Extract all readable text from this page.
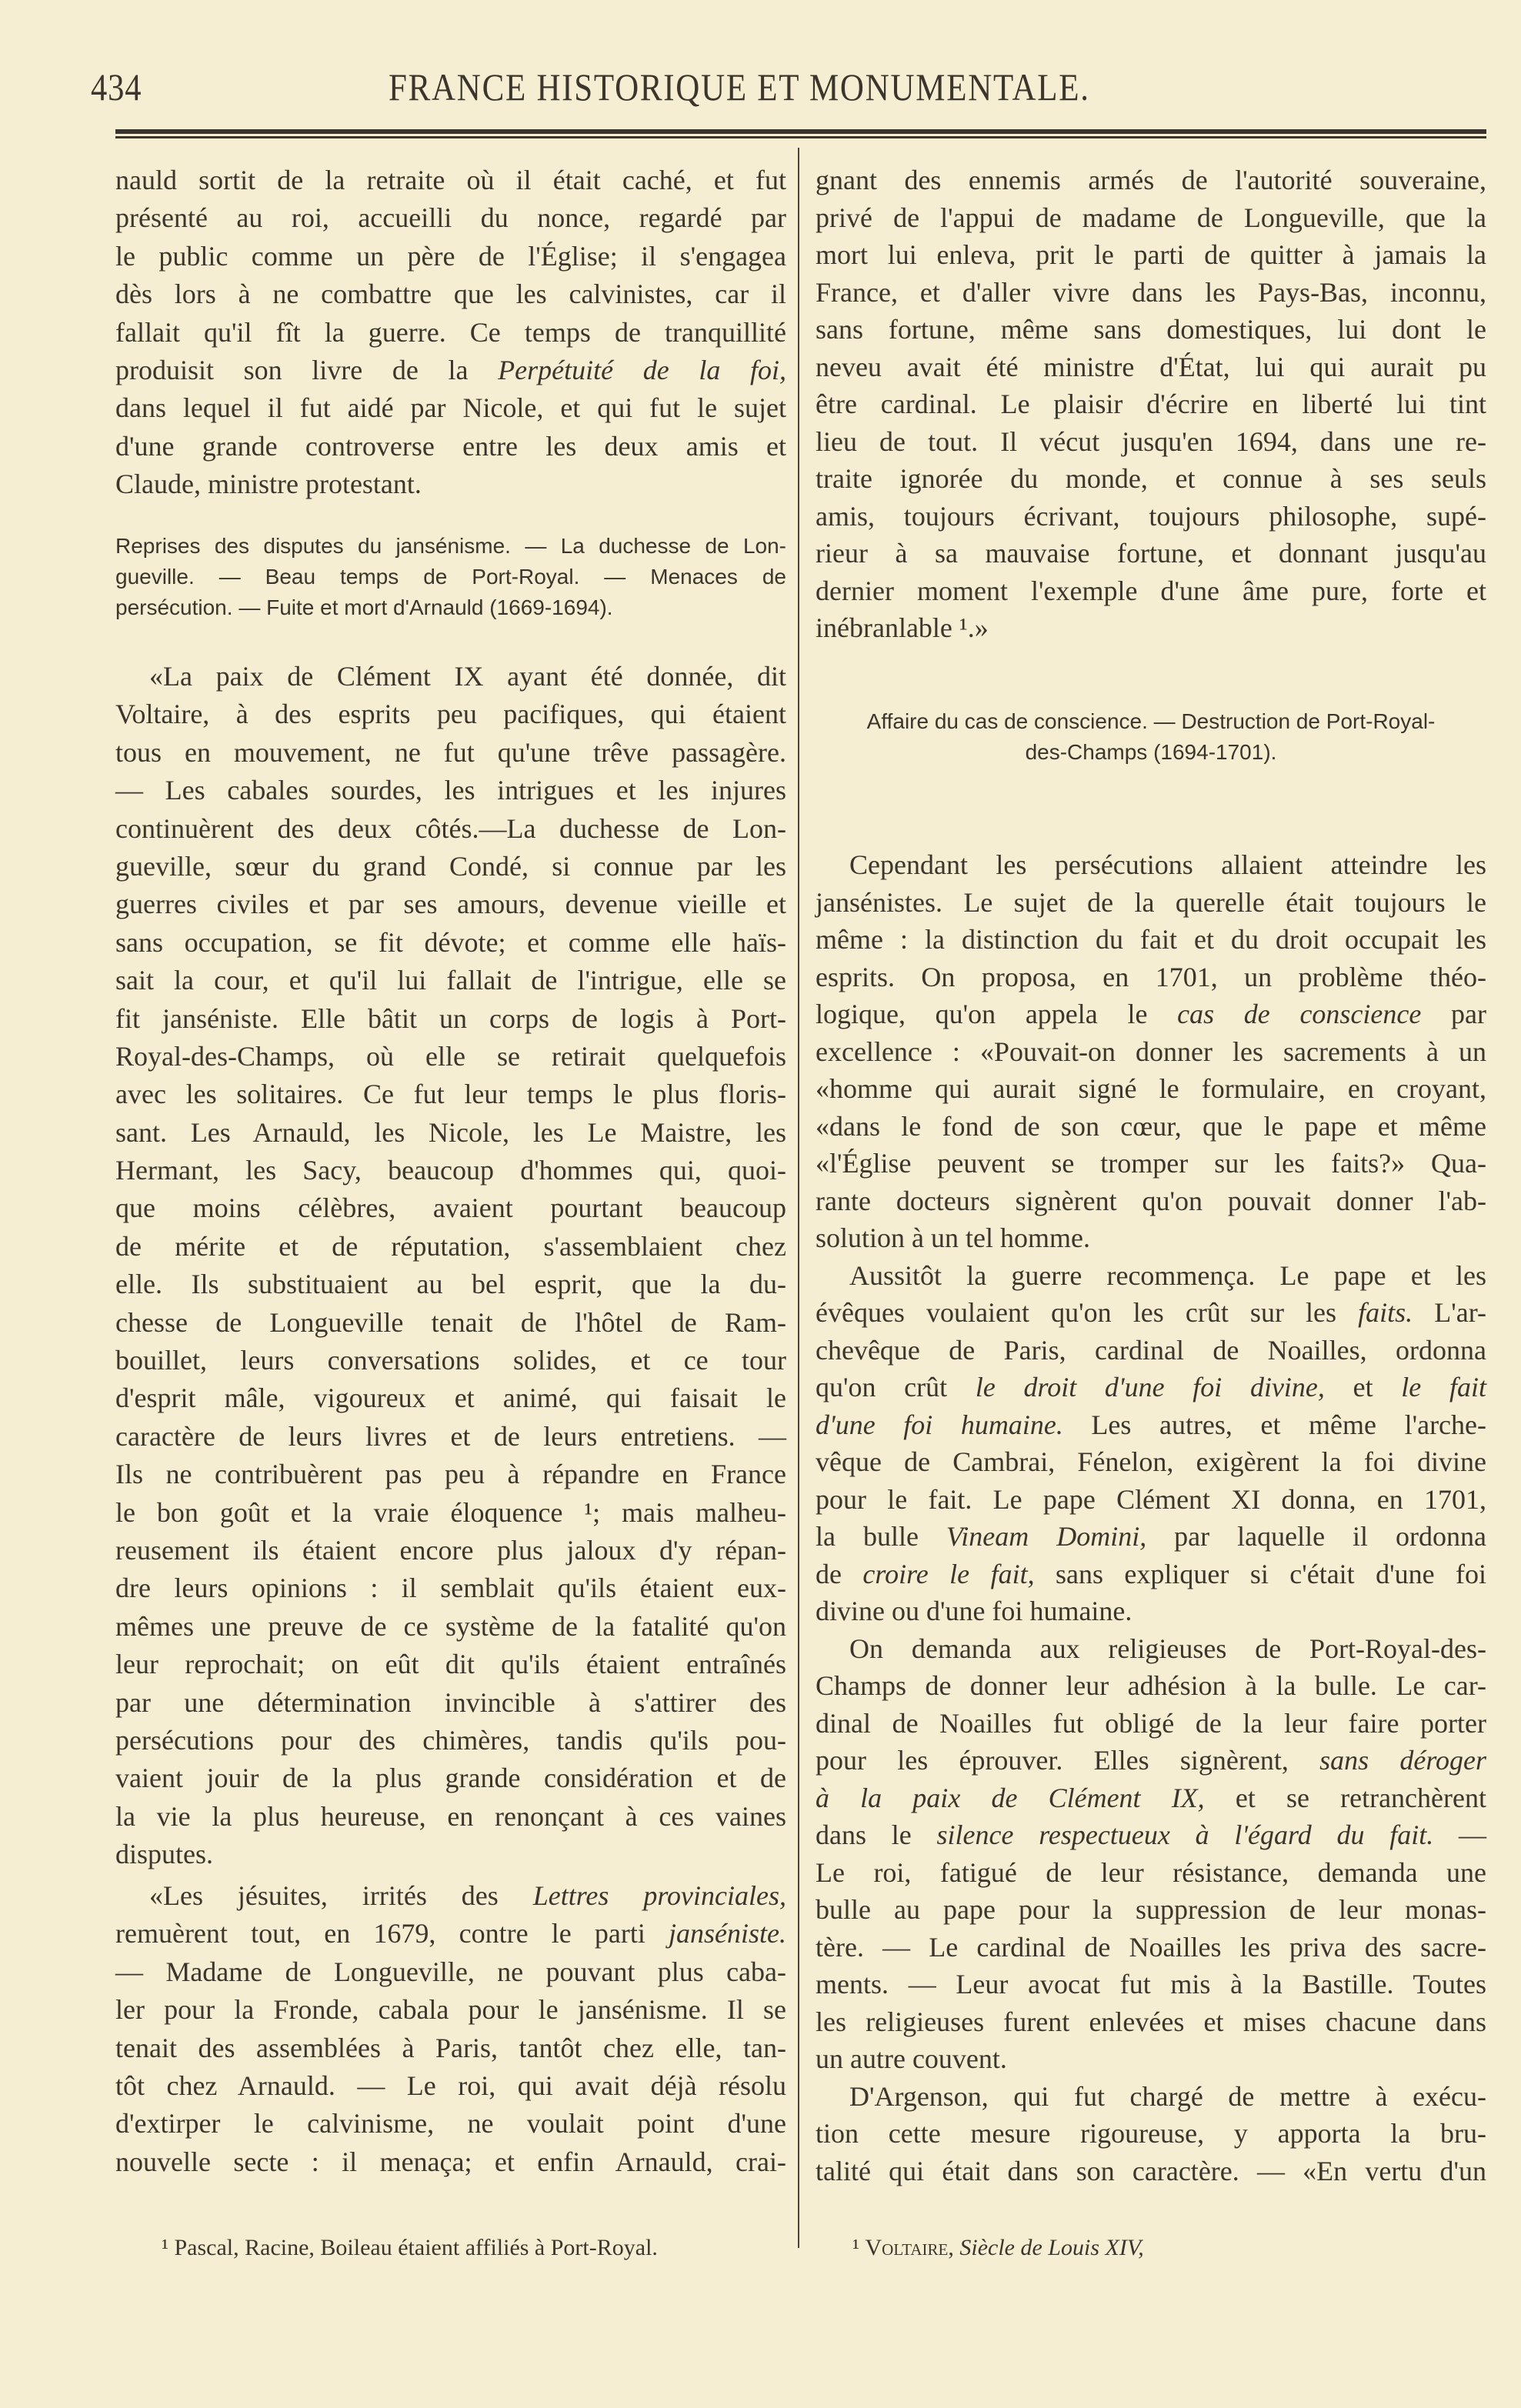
434	FRANCE HISTORIQUE ET MONUMENTALE.
nauld sortit de la retraite où il était caché, et fut
présenté au roi, accueilli du nonce, regardé par
le public comme un père de l'Église; il s'engagea
dès lors à ne combattre que les calvinistes, car il
fallait qu'il fît la guerre. Ce temps de tranquillité
produisit son livre de la Perpétuité de la foi,
dans lequel il fut aidé par Nicole, et qui fut le sujet
d'une grande controverse entre les deux amis et
Claude, ministre protestant.
Reprises des disputes du jansénisme. — La duchesse de Lon-
gueville. — Beau temps de Port-Royal. — Menaces de
persécution. — Fuite et mort d'Arnauld (1669-1694).
«La paix de Clément IX ayant été donnée, dit
Voltaire, à des esprits peu pacifiques, qui étaient
tous en mouvement, ne fut qu'une trêve passagère.
— Les cabales sourdes, les intrigues et les injures
continuèrent des deux côtés.—La duchesse de Lon-
gueville, sœur du grand Condé, si connue par les
guerres civiles et par ses amours, devenue vieille et
sans occupation, se fit dévote; et comme elle haïs-
sait la cour, et qu'il lui fallait de l'intrigue, elle se
fit janséniste. Elle bâtit un corps de logis à Port-
Royal-des-Champs, où elle se retirait quelquefois
avec les solitaires. Ce fut leur temps le plus floris-
sant. Les Arnauld, les Nicole, les Le Maistre, les
Hermant, les Sacy, beaucoup d'hommes qui, quoi-
que moins célèbres, avaient pourtant beaucoup
de mérite et de réputation, s'assemblaient chez
elle. Ils substituaient au bel esprit, que la du-
chesse de Longueville tenait de l'hôtel de Ram-
bouillet, leurs conversations solides, et ce tour
d'esprit mâle, vigoureux et animé, qui faisait le
caractère de leurs livres et de leurs entretiens. —
Ils ne contribuèrent pas peu à répandre en France
le bon goût et la vraie éloquence ¹; mais malheu-
reusement ils étaient encore plus jaloux d'y répan-
dre leurs opinions : il semblait qu'ils étaient eux-
mêmes une preuve de ce système de la fatalité qu'on
leur reprochait; on eût dit qu'ils étaient entraînés
par une détermination invincible à s'attirer des
persécutions pour des chimères, tandis qu'ils pou-
vaient jouir de la plus grande considération et de
la vie la plus heureuse, en renonçant à ces vaines
disputes.
«Les jésuites, irrités des Lettres provinciales,
remuèrent tout, en 1679, contre le parti janséniste.
— Madame de Longueville, ne pouvant plus caba-
ler pour la Fronde, cabala pour le jansénisme. Il se
tenait des assemblées à Paris, tantôt chez elle, tan-
tôt chez Arnauld. — Le roi, qui avait déjà résolu
d'extirper le calvinisme, ne voulait point d'une
nouvelle secte : il menaça; et enfin Arnauld, crai-
gnant des ennemis armés de l'autorité souveraine,
privé de l'appui de madame de Longueville, que la
mort lui enleva, prit le parti de quitter à jamais la
France, et d'aller vivre dans les Pays-Bas, inconnu,
sans fortune, même sans domestiques, lui dont le
neveu avait été ministre d'État, lui qui aurait pu
être cardinal. Le plaisir d'écrire en liberté lui tint
lieu de tout. Il vécut jusqu'en 1694, dans une re-
traite ignorée du monde, et connue à ses seuls
amis, toujours écrivant, toujours philosophe, supé-
rieur à sa mauvaise fortune, et donnant jusqu'au
dernier moment l'exemple d'une âme pure, forte et
inébranlable ¹.»
Affaire du cas de conscience. — Destruction de Port-Royal-
des-Champs (1694-1701).
Cependant les persécutions allaient atteindre les
jansénistes. Le sujet de la querelle était toujours le
même : la distinction du fait et du droit occupait les
esprits. On proposa, en 1701, un problème théo-
logique, qu'on appela le cas de conscience par
excellence : «Pouvait-on donner les sacrements à un
«homme qui aurait signé le formulaire, en croyant,
«dans le fond de son cœur, que le pape et même
«l'Église peuvent se tromper sur les faits?» Qua-
rante docteurs signèrent qu'on pouvait donner l'ab-
solution à un tel homme.
Aussitôt la guerre recommença. Le pape et les
évêques voulaient qu'on les crût sur les faits. L'ar-
chevêque de Paris, cardinal de Noailles, ordonna
qu'on crût le droit d'une foi divine, et le fait
d'une foi humaine. Les autres, et même l'arche-
vêque de Cambrai, Fénelon, exigèrent la foi divine
pour le fait. Le pape Clément XI donna, en 1701,
la bulle Vineam Domini, par laquelle il ordonna
de croire le fait, sans expliquer si c'était d'une foi
divine ou d'une foi humaine.
On demanda aux religieuses de Port-Royal-des-
Champs de donner leur adhésion à la bulle. Le car-
dinal de Noailles fut obligé de la leur faire porter
pour les éprouver. Elles signèrent, sans déroger
à la paix de Clément IX, et se retranchèrent
dans le silence respectueux à l'égard du fait. —
Le roi, fatigué de leur résistance, demanda une
bulle au pape pour la suppression de leur monas-
tère. — Le cardinal de Noailles les priva des sacre-
ments. — Leur avocat fut mis à la Bastille. Toutes
les religieuses furent enlevées et mises chacune dans
un autre couvent.
D'Argenson, qui fut chargé de mettre à exécu-
tion cette mesure rigoureuse, y apporta la bru-
talité qui était dans son caractère. — «En vertu d'un
¹ Pascal, Racine, Boileau étaient affiliés à Port-Royal.	¹ Voltaire, Siècle de Louis XIV,
